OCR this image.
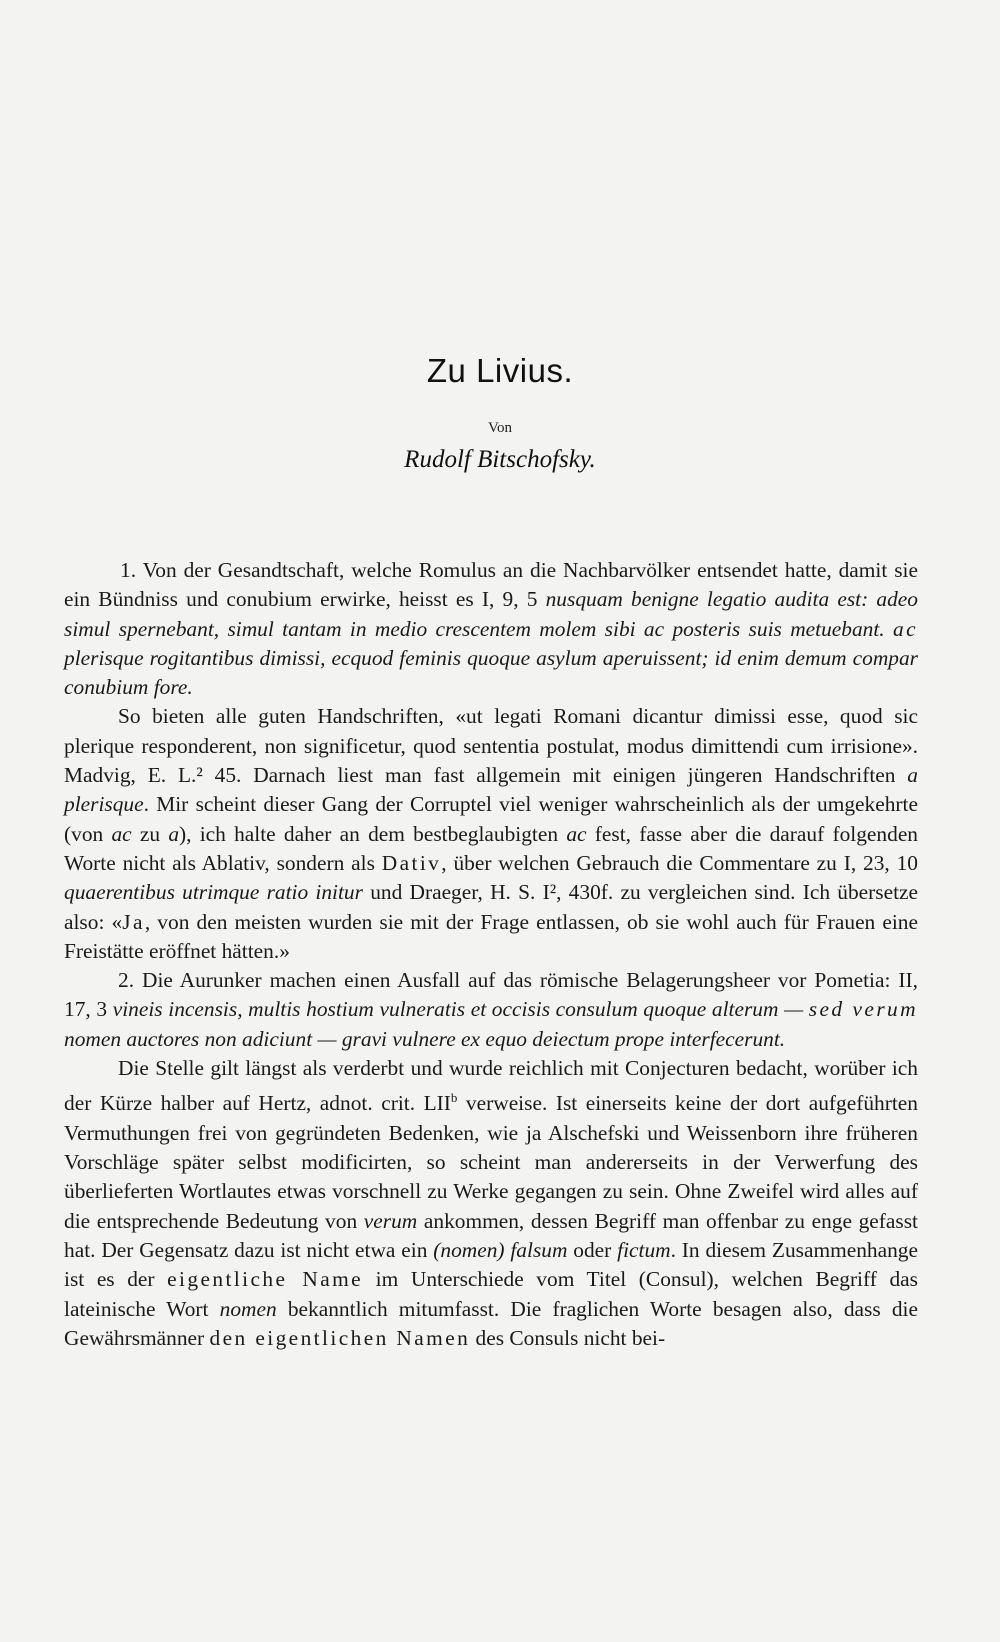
Zu Livius.
Von
Rudolf Bitschofsky.

1. Von der Gesandtschaft, welche Romulus an die Nachbarvölker entsendet hatte, damit sie ein Bündniss und conubium erwirke, heisst es I, 9, 5 nusquam benigne legatio audita est: adeo simul spernebant, simul tantam in medio crescentem molem sibi ac posteris suis metuebant. ac plerisque rogitantibus dimissi, ecquod feminis quoque asylum aperuissent; id enim demum compar conubium fore.

So bieten alle guten Handschriften, «ut legati Romani dicantur dimissi esse, quod sic plerique responderent, non significetur, quod sententia postulat, modus dimittendi cum irrisione». Madvig, E. L.² 45. Darnach liest man fast allgemein mit einigen jüngeren Handschriften a plerisque. Mir scheint dieser Gang der Corruptel viel weniger wahrscheinlich als der umgekehrte (von ac zu a), ich halte daher an dem bestbeglaubigten ac fest, fasse aber die darauf folgenden Worte nicht als Ablativ, sondern als Dativ, über welchen Gebrauch die Commentare zu I, 23, 10 quaerentibus utrimque ratio initur und Draeger, H. S. I², 430f. zu vergleichen sind. Ich übersetze also: «Ja, von den meisten wurden sie mit der Frage entlassen, ob sie wohl auch für Frauen eine Freistätte eröffnet hätten.»

2. Die Aurunker machen einen Ausfall auf das römische Belagerungsheer vor Pometia: II, 17, 3 vineis incensis, multis hostium vulneratis et occisis consulum quoque alterum — sed verum nomen auctores non adiciunt — gravi vulnere ex equo deiectum prope interfecerunt.

Die Stelle gilt längst als verderbt und wurde reichlich mit Conjecturen bedacht, worüber ich der Kürze halber auf Hertz, adnot. crit. LII$^b$ verweise. Ist einerseits keine der dort aufgeführten Vermuthungen frei von gegründeten Bedenken, wie ja Alschefski und Weissenborn ihre früheren Vorschläge später selbst modificirten, so scheint man andererseits in der Verwerfung des überlieferten Wortlautes etwas vorschnell zu Werke gegangen zu sein. Ohne Zweifel wird alles auf die entsprechende Bedeutung von verum ankommen, dessen Begriff man offenbar zu enge gefasst hat. Der Gegensatz dazu ist nicht etwa ein (nomen) falsum oder fictum. In diesem Zusammenhange ist es der eigentliche Name im Unterschiede vom Titel (Consul), welchen Begriff das lateinische Wort nomen bekanntlich mitumfasst. Die fraglichen Worte besagen also, dass die Gewährsmänner den eigentlichen Namen des Consuls nicht bei-
